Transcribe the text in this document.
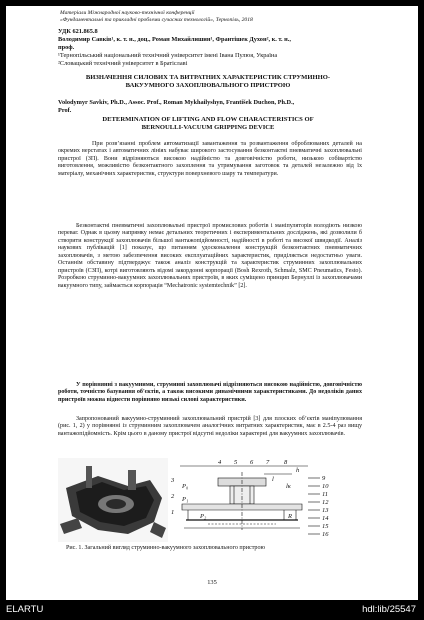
Матеріали Міжнародної науково-технічної конференції
«Фундаментальні та прикладні проблеми сучасних технологій», Тернопіль, 2018
УДК 621.865.8
Володимир Савків¹, к. т. н., доц., Роман Михайлишин¹, Франтішек Духон², к. т. н.,
проф.
¹Тернопільський національний технічний університет імені Івана Пулюя, Україна
²Словацький технічний університет в Братіславі
ВИЗНАЧЕННЯ СИЛОВИХ ТА ВИТРАТНИХ ХАРАКТЕРИСТИК СТРУМИННО-
ВАКУУМНОГО ЗАХОПЛЮВАЛЬНОГО ПРИСТРОЮ
Volodymyr Savkiv, Ph.D., Assoc. Prof., Roman Mykhailyshyn, František Duchon, Ph.D.,
Prof.
DETERMINATION OF LIFTING AND FLOW CHARACTERISTICS OF
BERNOULLI-VACUUM GRIPPING DEVICE
При розв’язанні проблем автоматизації завантаження та розвантаження оброблюваних деталей на окремих верстатах і автоматичних лініях набуває широкого застосування безконтактні пневматичні захоплювальні пристрої (ЗП). Вони відрізняються високою надійністю та довговічністю роботи, низькою собівартістю виготовлення, можливістю безконтактного захоплення та утримування заготовок та деталей незалежно від їх матеріалу, механічних характеристик, структури поверхневого шару та температури.
Безконтактні пневматичні захоплювальні пристрої промислових роботів і маніпуляторів володіють низкою переваг. Однак в цьому напрямку немає детальних теоретичних і експериментальних досліджень, які дозволили б створити конструкції захоплювачів більшої вантажопідйомності, надійності в роботі та високої швидкодії. Аналіз наукових публікацій [1] показує, що питанням удосконалення конструкцій безконтактних пневматичних захоплювачів, з метою забезпечення високих експлуатаційних характеристик, приділяється недостатньо уваги. Останнім обставину підтверджує також аналіз конструкцій та характеристик струминних захоплювальних пристроїв (СЗП), котрі виготовляють відомі закордонні корпорації (Bosh Rexroth, Schmalz, SMC Pneumatics, Festo). Розробкою струминно-вакуумних захоплювальних пристроїв, в яких суміщено принцип Бернуллі із захоплювачами вакуумного типу, займається корпорація “Mechatronic systemtechnik” [2].
У порівнянні з вакуумними, струминні захоплювачі відрізняються високою надійністю, довговічністю роботи, точністю базування об'єктів, а також високими динамічними характеристиками. До недоліків даних пристроїв можна віднести порівняно низькі силові характеристики.
Запропонований вакуумно-струминний захоплювальний пристрій [3] для плоских об’єктів маніпулювання (рис. 1, 2) у порівнянні із струминним захоплювачем аналогічних витратних характеристик, має в 2.5-4 раз вищу вантажопідйомність. Крім цього в даному пристрої відсутні недоліки характерні для вакуумних захоплювачів.
4 5 6 7 8
3
2
1
9
10
11
12
13
14
15
16
h
P₀
P₁
P₂
l
lк
R
Рис. 1. Загальний вигляд струминно-вакуумного захоплювального пристрою
135
ELARTU	hdl:lib/25547
